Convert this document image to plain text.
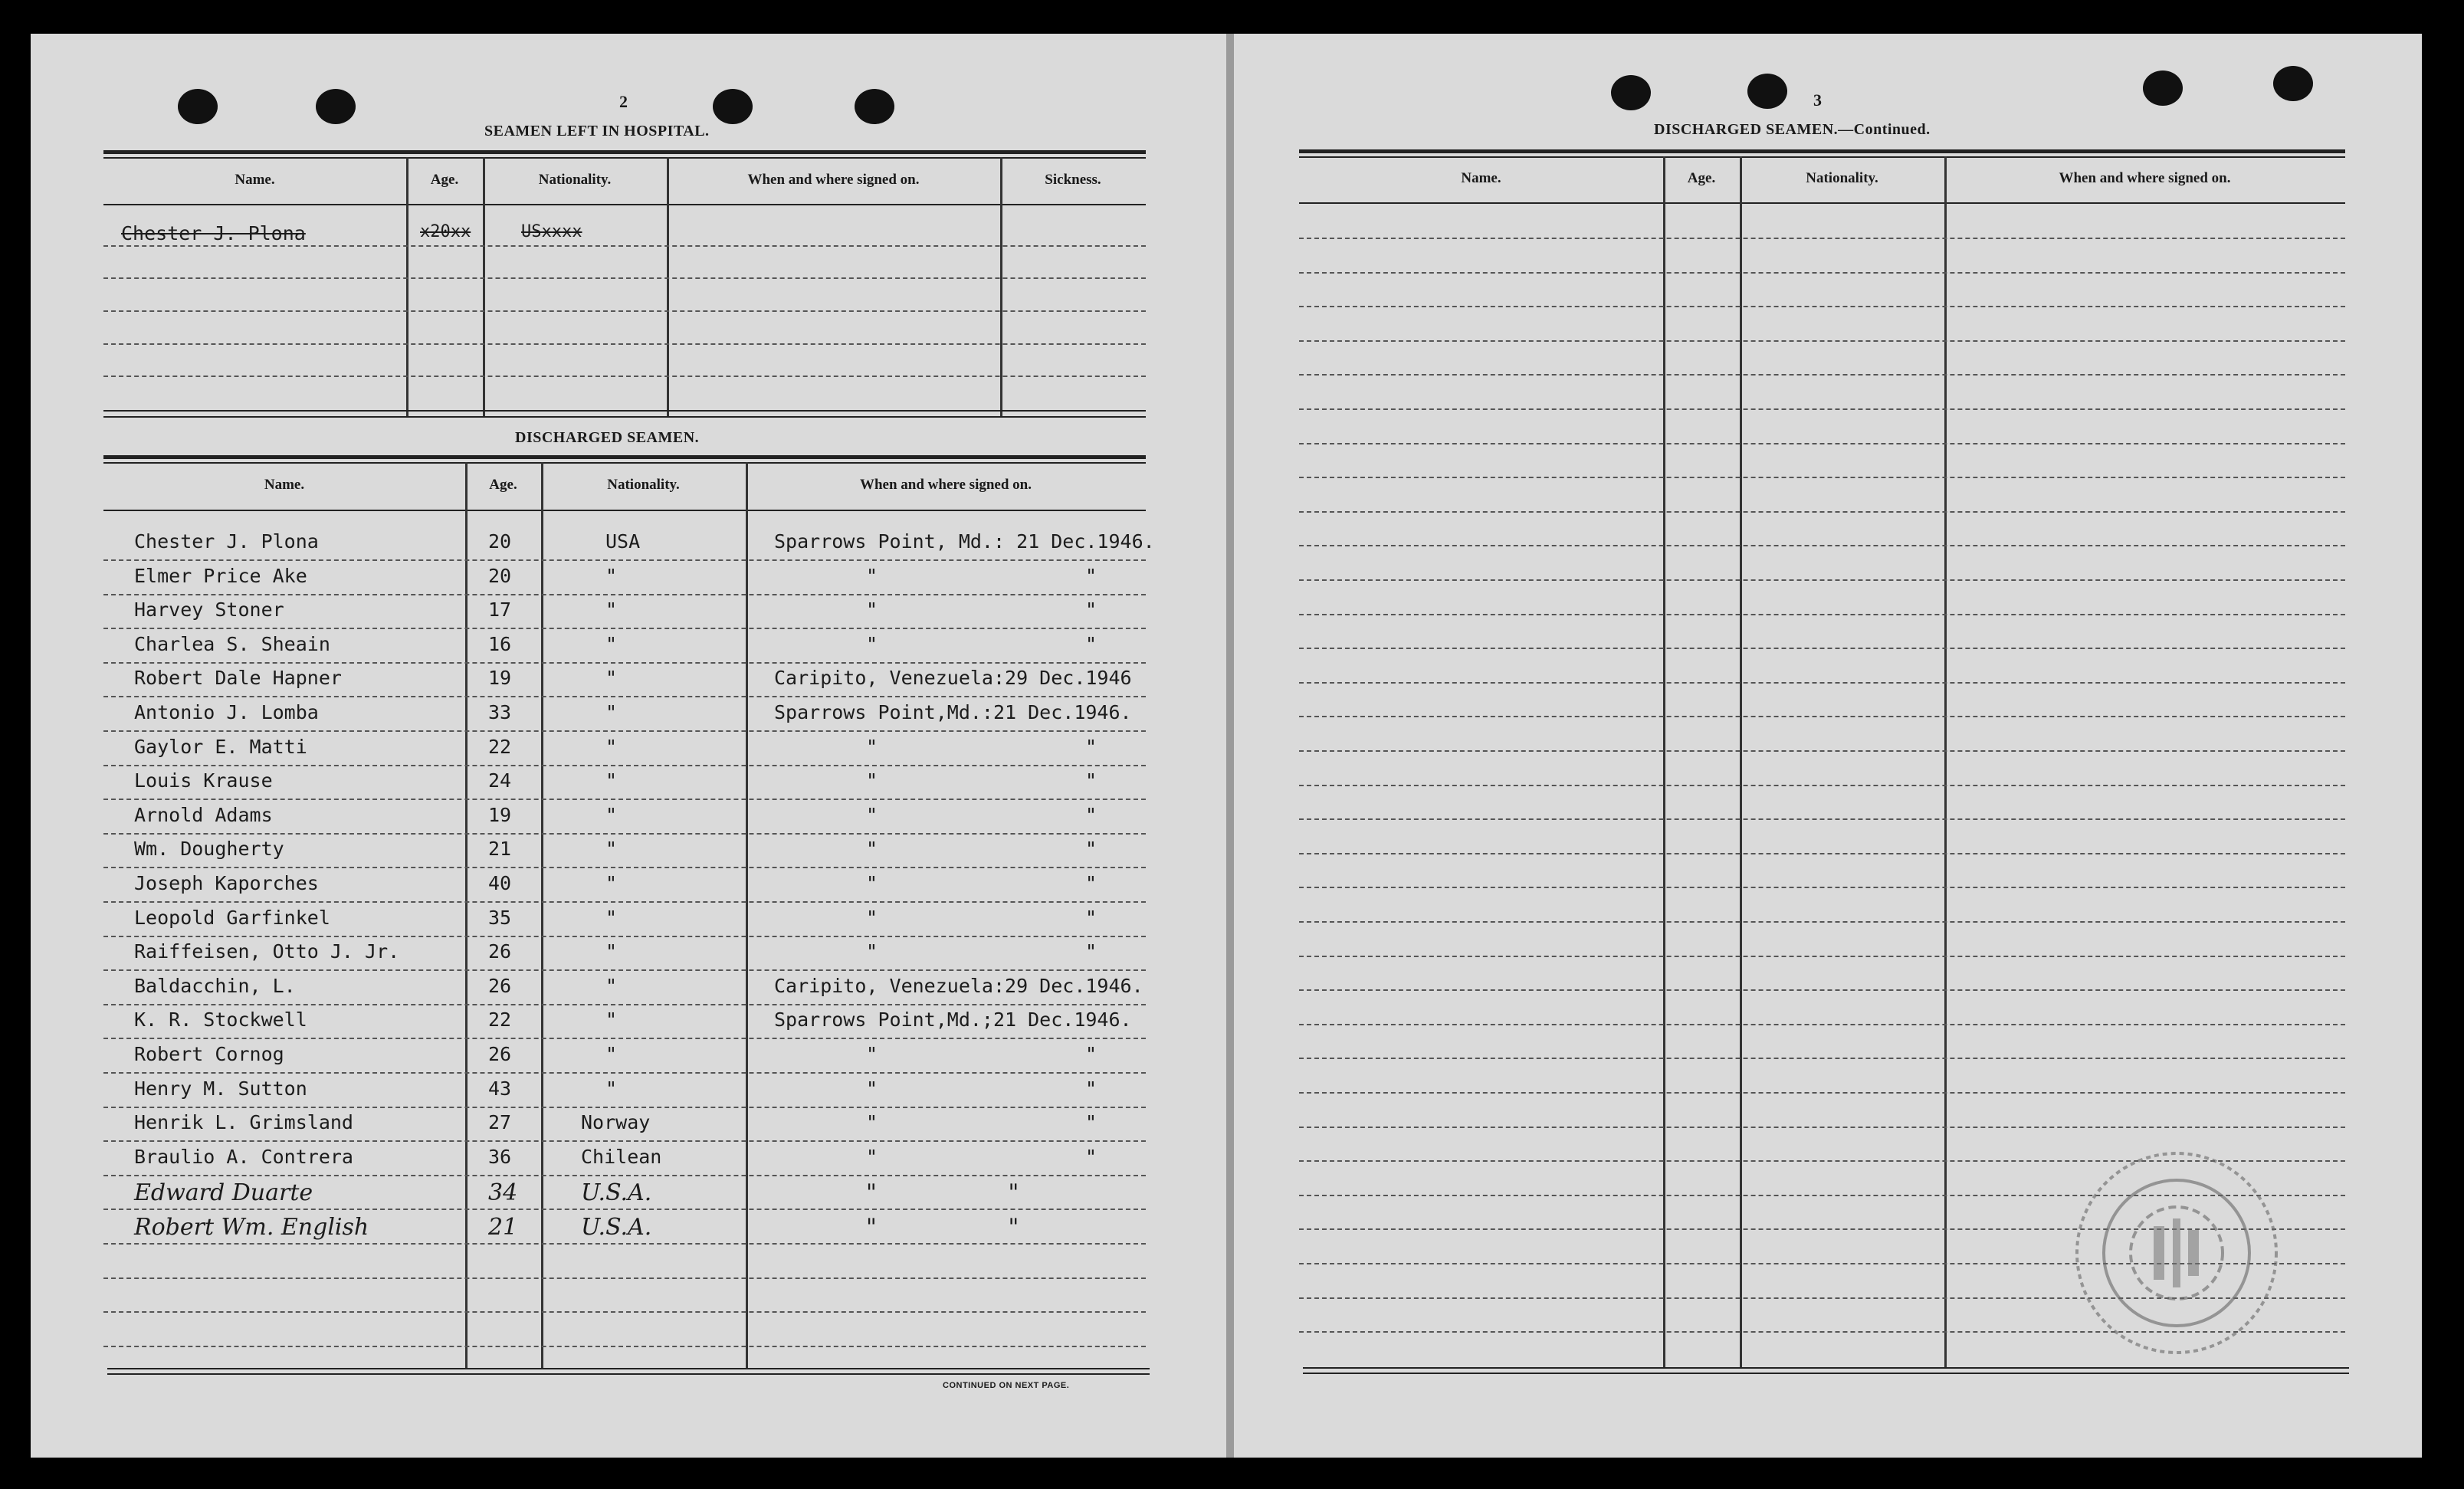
2
SEAMEN LEFT IN HOSPITAL.
Name.	Age.	Nationality.	When and where signed on.	Sickness.
Chester J. Plona	x20xx	USxxxx
DISCHARGED SEAMEN.
Name.	Age.	Nationality.	When and where signed on.
Chester J. Plona	20	USA	Sparrows Point, Md.: 21 Dec.1946.
Elmer Price Ake	20	"	"                  "
Harvey Stoner	17	"	"                  "
Charlea S. Sheain	16	"	"                  "
Robert Dale Hapner	19	"	Caripito, Venezuela:29 Dec.1946
Antonio J. Lomba	33	"	Sparrows Point,Md.:21 Dec.1946.
Gaylor E. Matti	22	"	"                  "
Louis Krause	24	"	"                  "
Arnold Adams	19	"	"                  "
Wm. Dougherty	21	"	"                  "
Joseph Kaporches	40	"	"                  "
Leopold Garfinkel	35	"	"                  "
Raiffeisen, Otto J. Jr.	26	"	"                  "
Baldacchin, L.	26	"	Caripito, Venezuela:29 Dec.1946.
K. R. Stockwell	22	"	Sparrows Point,Md.;21 Dec.1946.
Robert Cornog	26	"	"                  "
Henry M. Sutton	43	"	"                  "
Henrik L. Grimsland	27	Norway	"                  "
Braulio A. Contrera	36	Chilean	"                  "
Edward Duarte	34	U.S.A.	"                  "
Robert Wm. English	21	U.S.A.	"                  "
CONTINUED ON NEXT PAGE.
3
DISCHARGED SEAMEN.—Continued.
Name.	Age.	Nationality.	When and where signed on.
